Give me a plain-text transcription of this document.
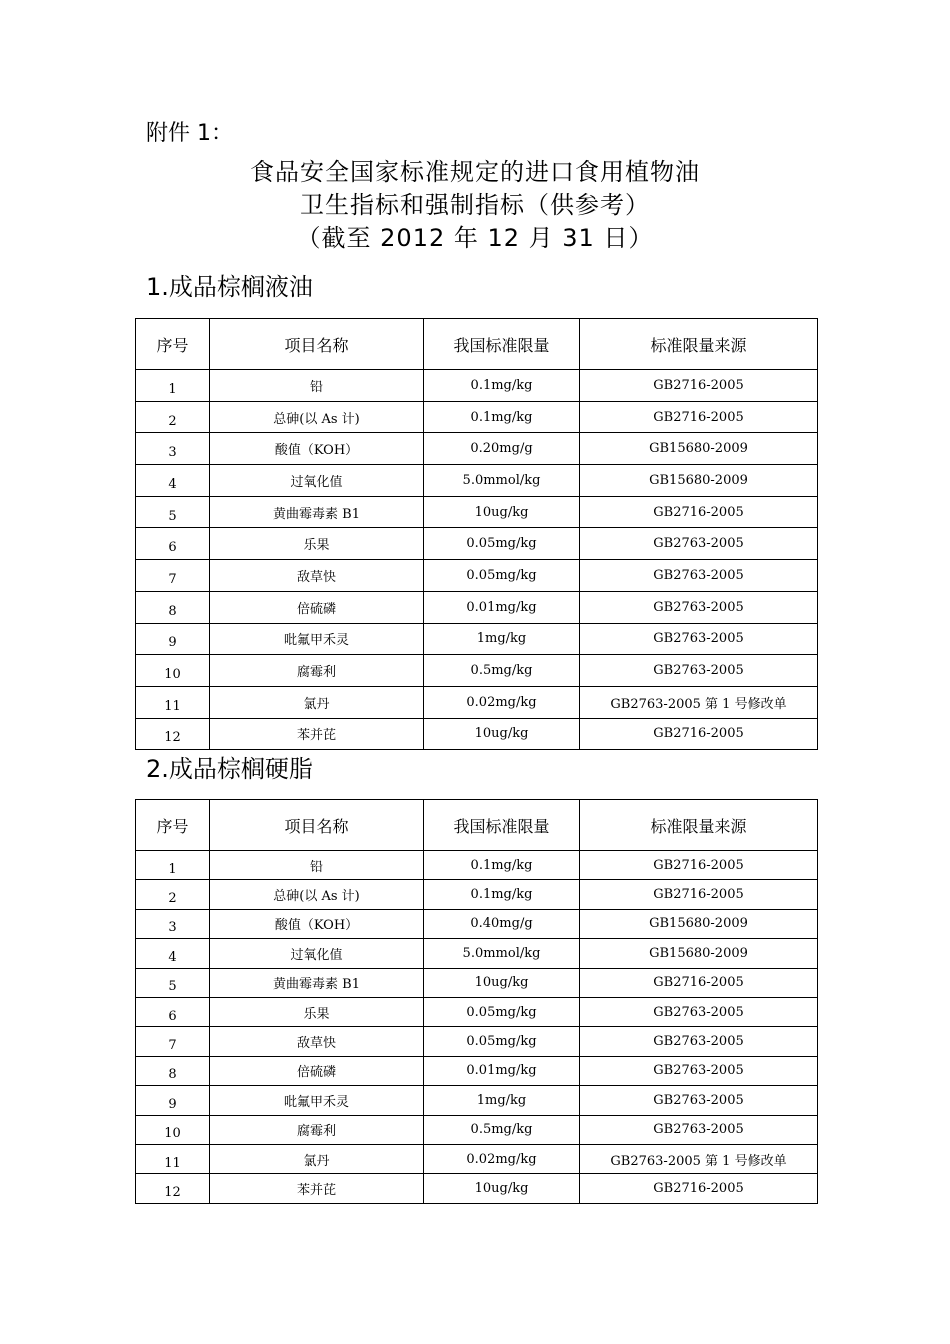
附件 1：
食品安全国家标准规定的进口食用植物油
卫生指标和强制指标（供参考）
（截至 2012 年 12 月 31 日）
1.成品棕榈液油
序号	项目名称	我国标准限量	标准限量来源
1	铅	0.1mg/kg	GB2716-2005
2	总砷(以 As 计)	0.1mg/kg	GB2716-2005
3	酸值（KOH）	0.20mg/g	GB15680-2009
4	过氧化值	5.0mmol/kg	GB15680-2009
5	黄曲霉毒素 B1	10ug/kg	GB2716-2005
6	乐果	0.05mg/kg	GB2763-2005
7	敌草快	0.05mg/kg	GB2763-2005
8	倍硫磷	0.01mg/kg	GB2763-2005
9	吡氟甲禾灵	1mg/kg	GB2763-2005
10	腐霉利	0.5mg/kg	GB2763-2005
11	氯丹	0.02mg/kg	GB2763-2005 第 1 号修改单
12	苯并芘	10ug/kg	GB2716-2005
2.成品棕榈硬脂
序号	项目名称	我国标准限量	标准限量来源
1	铅	0.1mg/kg	GB2716-2005
2	总砷(以 As 计)	0.1mg/kg	GB2716-2005
3	酸值（KOH）	0.40mg/g	GB15680-2009
4	过氧化值	5.0mmol/kg	GB15680-2009
5	黄曲霉毒素 B1	10ug/kg	GB2716-2005
6	乐果	0.05mg/kg	GB2763-2005
7	敌草快	0.05mg/kg	GB2763-2005
8	倍硫磷	0.01mg/kg	GB2763-2005
9	吡氟甲禾灵	1mg/kg	GB2763-2005
10	腐霉利	0.5mg/kg	GB2763-2005
11	氯丹	0.02mg/kg	GB2763-2005 第 1 号修改单
12	苯并芘	10ug/kg	GB2716-2005
